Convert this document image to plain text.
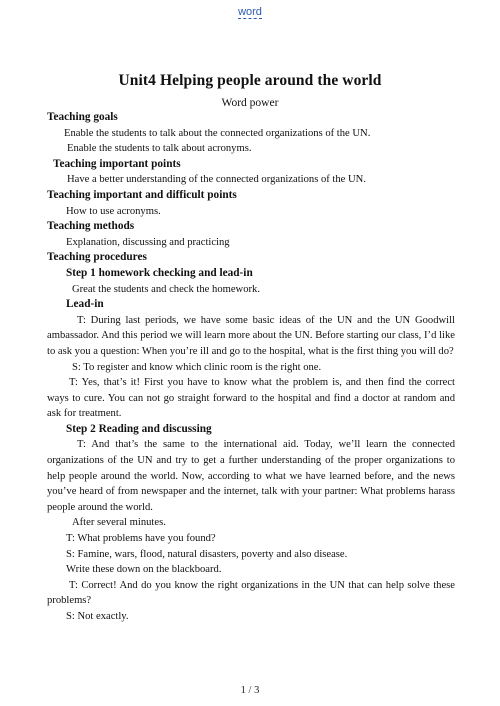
word
Unit4 Helping people around the world
Word power

Teaching goals

Enable the students to talk about the connected organizations of the UN.

Enable the students to talk about acronyms.

Teaching important points

Have a better understanding of the connected organizations of the UN.

Teaching important and difficult points

How to use acronyms.

Teaching methods

Explanation, discussing and practicing

Teaching procedures

Step 1 homework checking and lead-in

Great the students and check the homework.

Lead-in

T: During last periods, we have some basic ideas of the UN and the UN Goodwill ambassador. And this period we will learn more about the UN. Before starting our class, I’d like to ask you a question: When you’re ill and go to the hospital, what is the first thing you will do?

S: To register and know which clinic room is the right one.

T: Yes, that’s it! First you have to know what the problem is, and then find the correct ways to cure. You can not go straight forward to the hospital and find a doctor at random and ask for treatment.

Step 2 Reading and discussing

T: And that’s the same to the international aid. Today, we’ll learn the connected organizations of the UN and try to get a further understanding of the proper organizations to help people around the world. Now, according to what we have learned before, and the news you’ve heard of from newspaper and the internet, talk with your partner: What problems harass people around the world.

After several minutes.

T: What problems have you found?

S: Famine, wars, flood, natural disasters, poverty and also disease.

Write these down on the blackboard.

T: Correct! And do you know the right organizations in the UN that can help solve these problems?

S: Not exactly.

1 / 3
